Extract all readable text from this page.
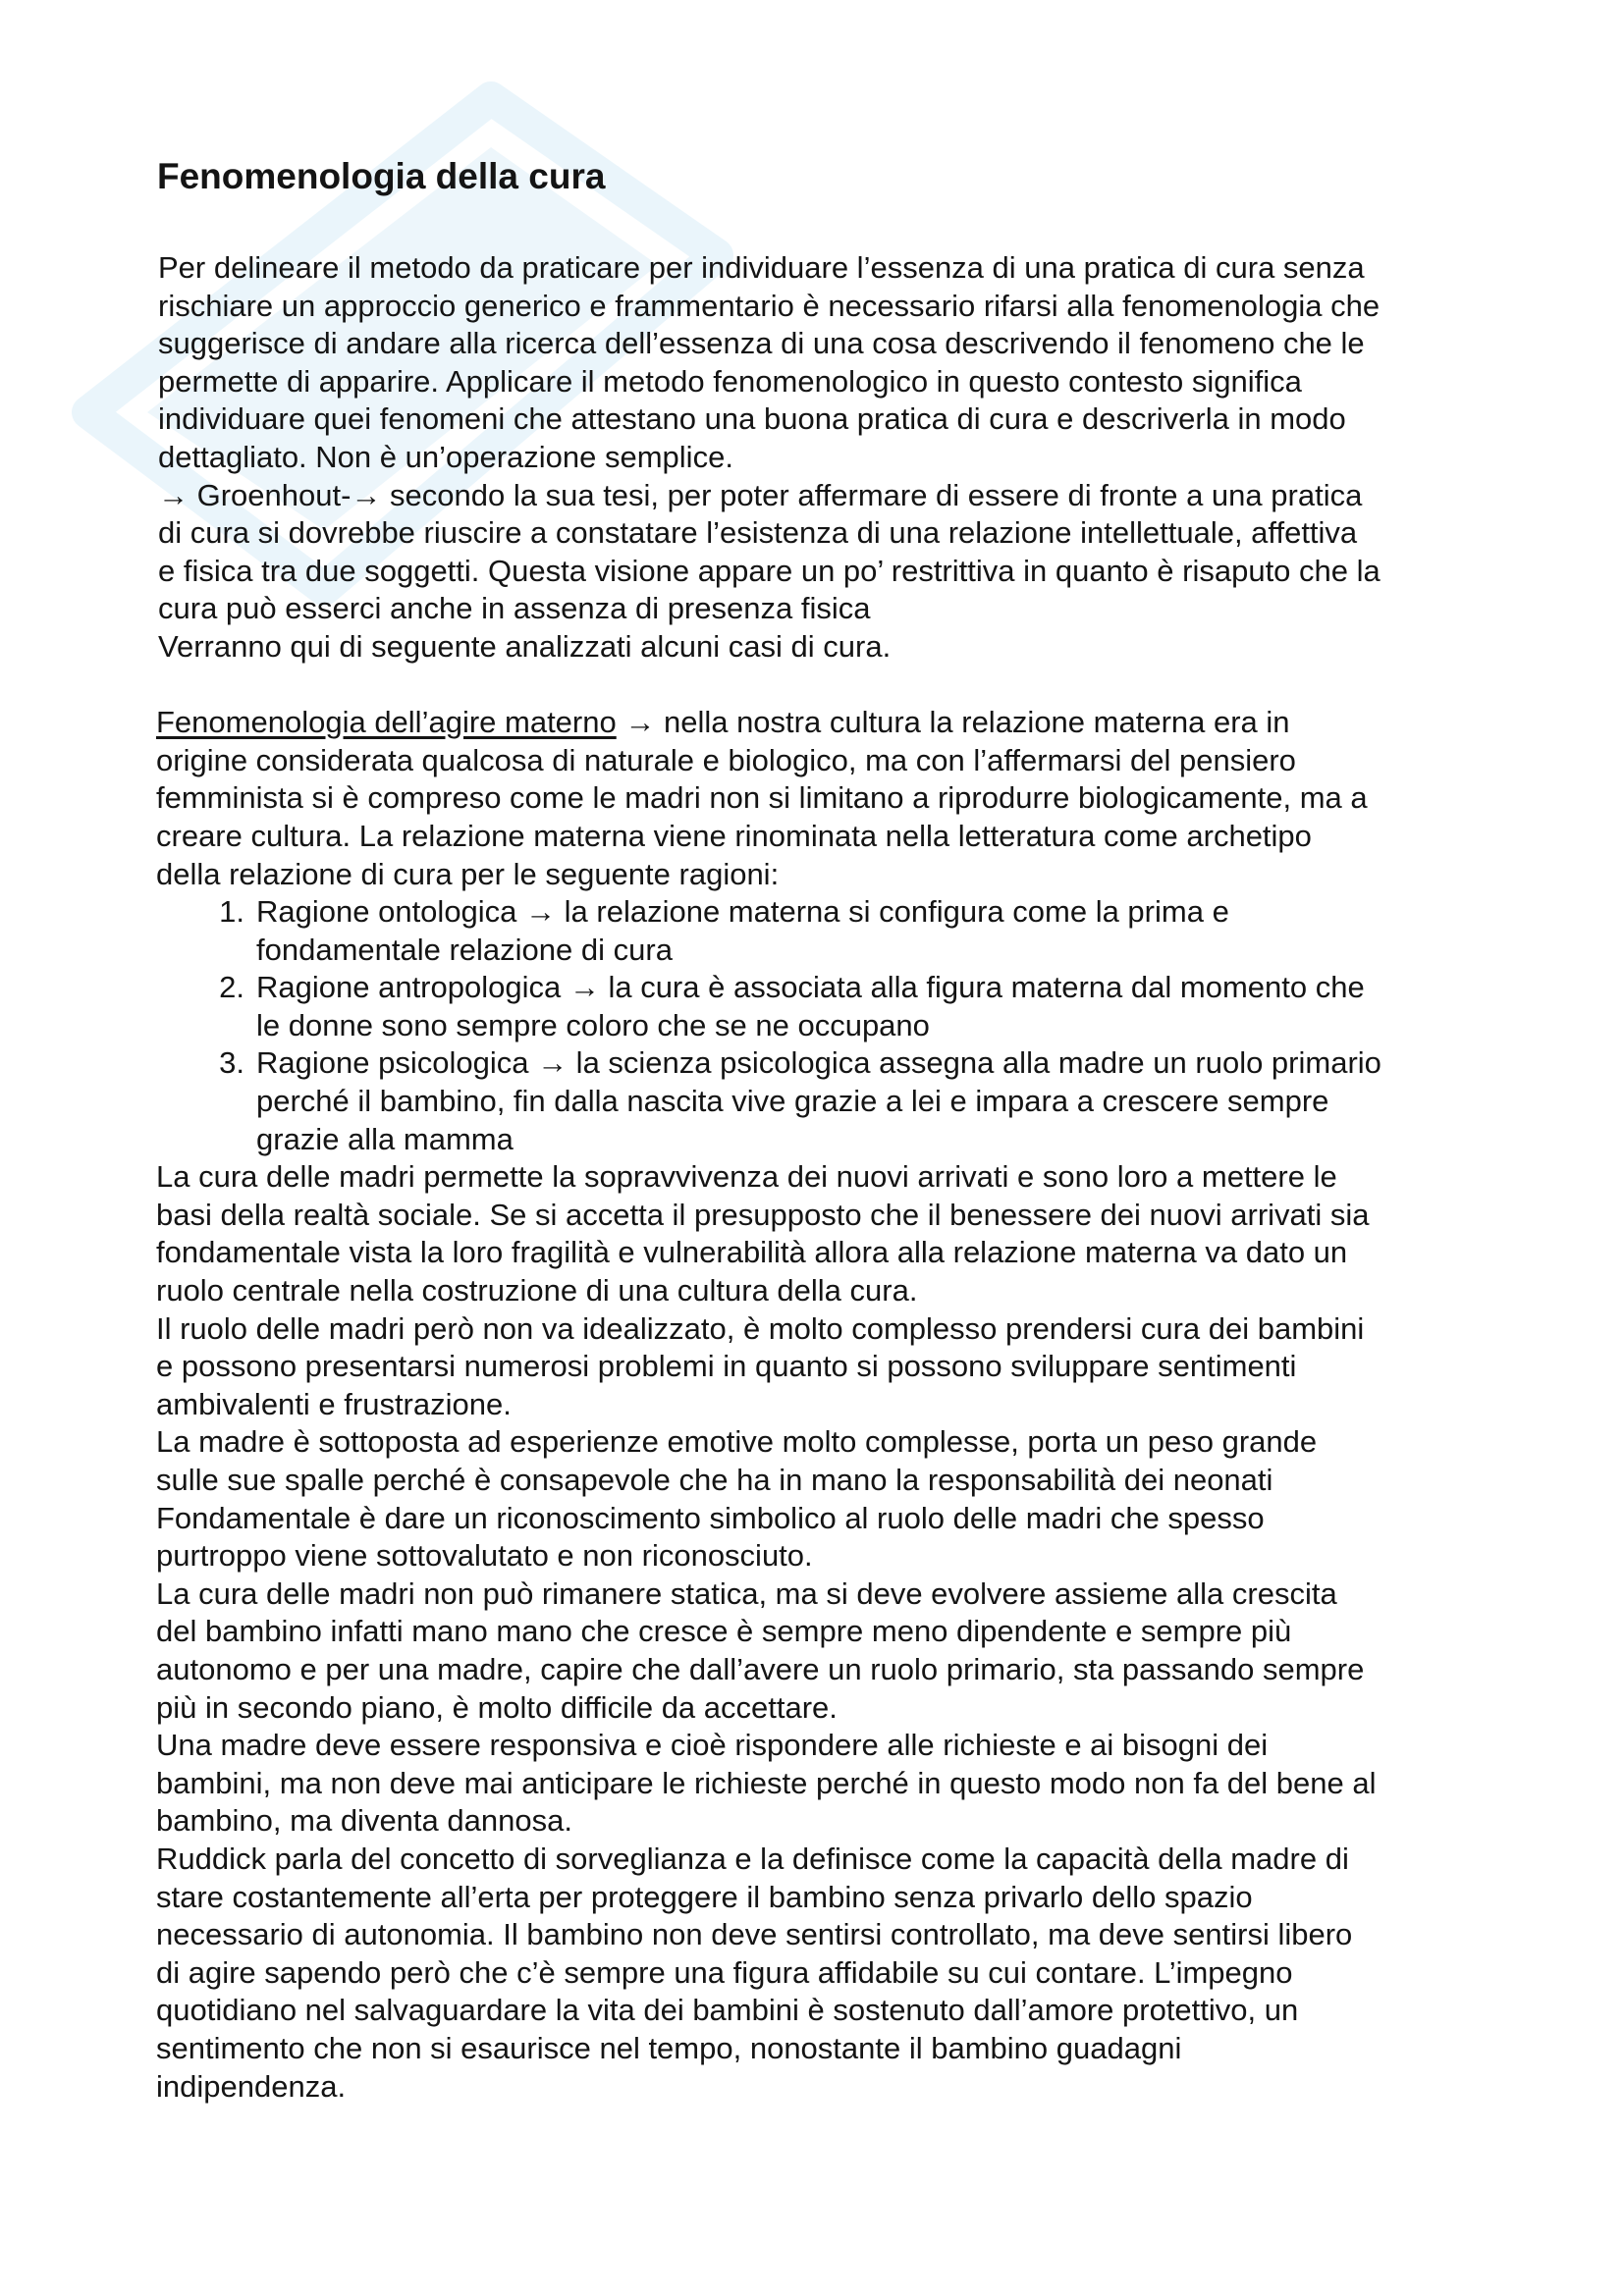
Fenomenologia della cura

Per delineare il metodo da praticare per individuare l’essenza di una pratica di cura senza
rischiare un approccio generico e frammentario è necessario rifarsi alla fenomenologia che
suggerisce di andare alla ricerca dell’essenza di una cosa descrivendo il fenomeno che le
permette di apparire. Applicare il metodo fenomenologico in questo contesto significa
individuare quei fenomeni che attestano una buona pratica di cura e descriverla in modo
dettagliato. Non è un’operazione semplice.
→ Groenhout-→ secondo la sua tesi, per poter affermare di essere di fronte a una pratica
di cura si dovrebbe riuscire a constatare l’esistenza di una relazione intellettuale, affettiva
e fisica tra due soggetti. Questa visione appare un po’ restrittiva in quanto è risaputo che la
cura può esserci anche in assenza di presenza fisica
Verranno qui di seguente analizzati alcuni casi di cura.

Fenomenologia dell’agire materno → nella nostra cultura la relazione materna era in
origine considerata qualcosa di naturale e biologico, ma con l’affermarsi del pensiero
femminista si è compreso come le madri non si limitano a riprodurre biologicamente, ma a
creare cultura. La relazione materna viene rinominata nella letteratura come archetipo
della relazione di cura per le seguente ragioni:

1. Ragione ontologica → la relazione materna si configura come la prima e
fondamentale relazione di cura
2. Ragione antropologica → la cura è associata alla figura materna dal momento che
le donne sono sempre coloro che se ne occupano
3. Ragione psicologica → la scienza psicologica assegna alla madre un ruolo primario
perché il bambino, fin dalla nascita vive grazie a lei e impara a crescere sempre
grazie alla mamma

La cura delle madri permette la sopravvivenza dei nuovi arrivati e sono loro a mettere le
basi della realtà sociale. Se si accetta il presupposto che il benessere dei nuovi arrivati sia
fondamentale vista la loro fragilità e vulnerabilità allora alla relazione materna va dato un
ruolo centrale nella costruzione di una cultura della cura.

Il ruolo delle madri però non va idealizzato, è molto complesso prendersi cura dei bambini
e possono presentarsi numerosi problemi in quanto si possono sviluppare sentimenti
ambivalenti e frustrazione.

La madre è sottoposta ad esperienze emotive molto complesse, porta un peso grande
sulle sue spalle perché è consapevole che ha in mano la responsabilità dei neonati
Fondamentale è dare un riconoscimento simbolico al ruolo delle madri che spesso
purtroppo viene sottovalutato e non riconosciuto.

La cura delle madri non può rimanere statica, ma si deve evolvere assieme alla crescita
del bambino infatti mano mano che cresce è sempre meno dipendente e sempre più
autonomo e per una madre, capire che dall’avere un ruolo primario, sta passando sempre
più in secondo piano, è molto difficile da accettare.

Una madre deve essere responsiva e cioè rispondere alle richieste e ai bisogni dei
bambini, ma non deve mai anticipare le richieste perché in questo modo non fa del bene al
bambino, ma diventa dannosa.

Ruddick parla del concetto di sorveglianza e la definisce come la capacità della madre di
stare costantemente all’erta per proteggere il bambino senza privarlo dello spazio
necessario di autonomia. Il bambino non deve sentirsi controllato, ma deve sentirsi libero
di agire sapendo però che c’è sempre una figura affidabile su cui contare. L’impegno
quotidiano nel salvaguardare la vita dei bambini è sostenuto dall’amore protettivo, un
sentimento che non si esaurisce nel tempo, nonostante il bambino guadagni
indipendenza.
